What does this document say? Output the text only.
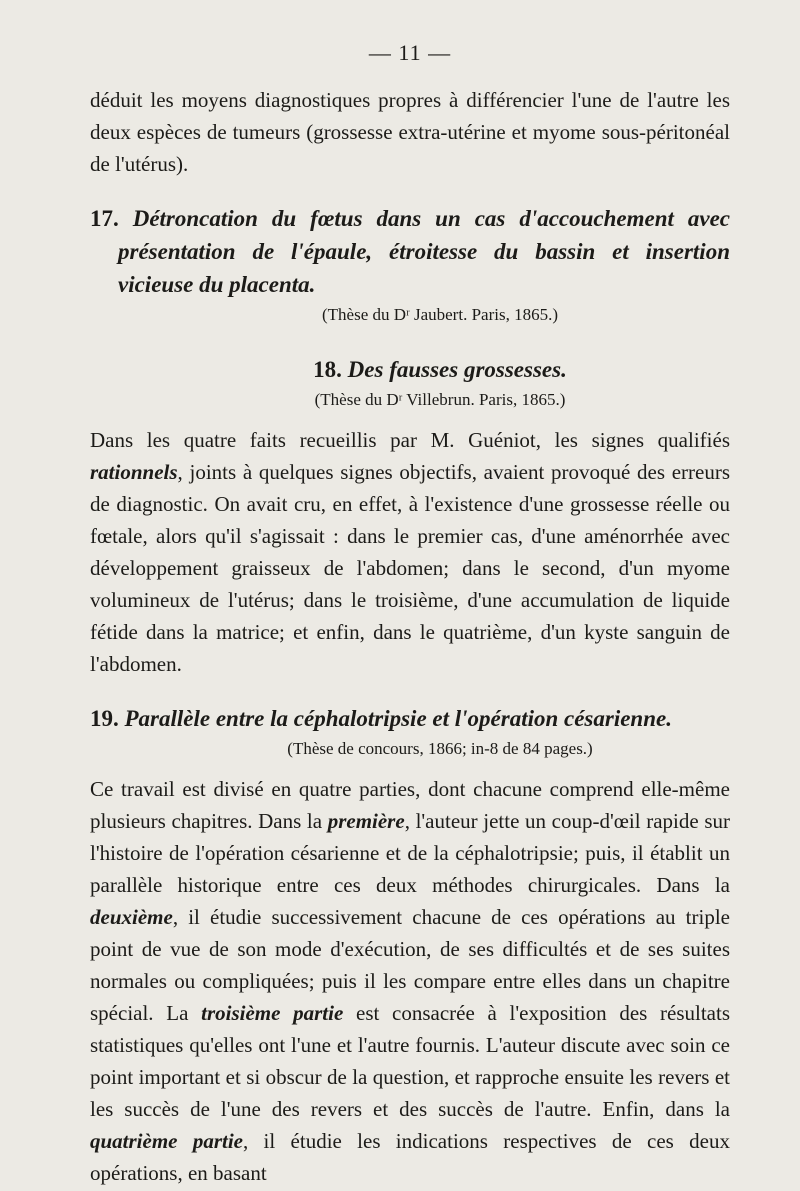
— 11 —

déduit les moyens diagnostiques propres à différencier l'une de l'autre les deux espèces de tumeurs (grossesse extra-utérine et myome sous-péritonéal de l'utérus).

17. Détroncation du fœtus dans un cas d'accouchement avec présentation de l'épaule, étroitesse du bassin et insertion vicieuse du placenta.

(Thèse du Dʳ Jaubert. Paris, 1865.)

18. Des fausses grossesses.

(Thèse du Dʳ Villebrun. Paris, 1865.)

Dans les quatre faits recueillis par M. Guéniot, les signes qualifiés rationnels, joints à quelques signes objectifs, avaient provoqué des erreurs de diagnostic. On avait cru, en effet, à l'existence d'une grossesse réelle ou fœtale, alors qu'il s'agissait : dans le premier cas, d'une aménorrhée avec développement graisseux de l'abdomen; dans le second, d'un myome volumineux de l'utérus; dans le troisième, d'une accumulation de liquide fétide dans la matrice; et enfin, dans le quatrième, d'un kyste sanguin de l'abdomen.

19. Parallèle entre la céphalotripsie et l'opération césarienne.

(Thèse de concours, 1866; in-8 de 84 pages.)

Ce travail est divisé en quatre parties, dont chacune comprend elle-même plusieurs chapitres. Dans la première, l'auteur jette un coup-d'œil rapide sur l'histoire de l'opération césarienne et de la céphalotripsie; puis, il établit un parallèle historique entre ces deux méthodes chirurgicales. Dans la deuxième, il étudie successivement chacune de ces opérations au triple point de vue de son mode d'exécution, de ses difficultés et de ses suites normales ou compliquées; puis il les compare entre elles dans un chapitre spécial. La troisième partie est consacrée à l'exposition des résultats statistiques qu'elles ont l'une et l'autre fournis. L'auteur discute avec soin ce point important et si obscur de la question, et rapproche ensuite les revers et les succès de l'une des revers et des succès de l'autre. Enfin, dans la quatrième partie, il étudie les indications respectives de ces deux opérations, en basant
